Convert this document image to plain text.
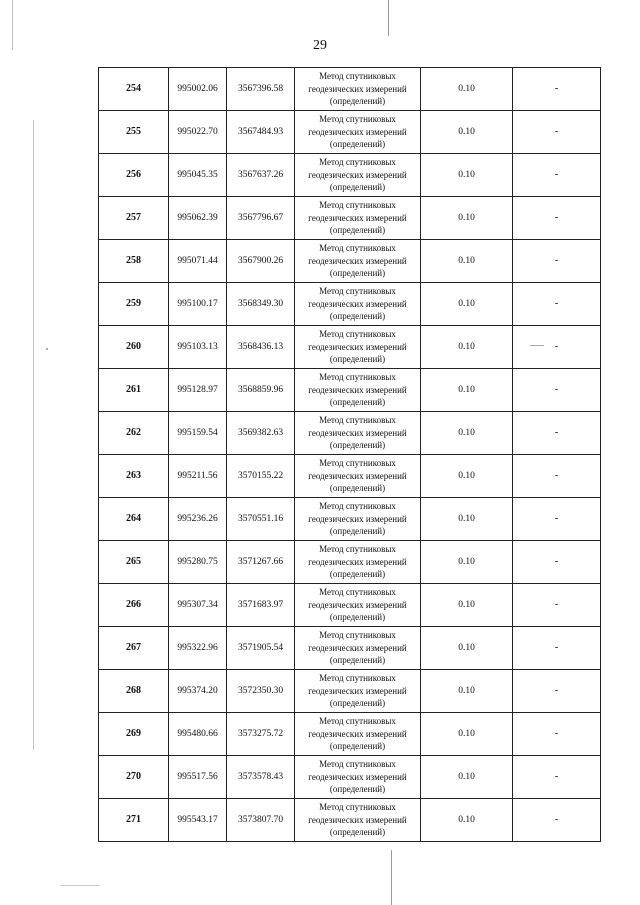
29
254	995002.06	3567396.58	Метод спутниковых
геодезических измерений
(определений)	0.10	-
255	995022.70	3567484.93	Метод спутниковых
геодезических измерений
(определений)	0.10	-
256	995045.35	3567637.26	Метод спутниковых
геодезических измерений
(определений)	0.10	-
257	995062.39	3567796.67	Метод спутниковых
геодезических измерений
(определений)	0.10	-
258	995071.44	3567900.26	Метод спутниковых
геодезических измерений
(определений)	0.10	-
259	995100.17	3568349.30	Метод спутниковых
геодезических измерений
(определений)	0.10	-
260	995103.13	3568436.13	Метод спутниковых
геодезических измерений
(определений)	0.10	-
261	995128.97	3568859.96	Метод спутниковых
геодезических измерений
(определений)	0.10	-
262	995159.54	3569382.63	Метод спутниковых
геодезических измерений
(определений)	0.10	-
263	995211.56	3570155.22	Метод спутниковых
геодезических измерений
(определений)	0.10	-
264	995236.26	3570551.16	Метод спутниковых
геодезических измерений
(определений)	0.10	-
265	995280.75	3571267.66	Метод спутниковых
геодезических измерений
(определений)	0.10	-
266	995307.34	3571683.97	Метод спутниковых
геодезических измерений
(определений)	0.10	-
267	995322.96	3571905.54	Метод спутниковых
геодезических измерений
(определений)	0.10	-
268	995374.20	3572350.30	Метод спутниковых
геодезических измерений
(определений)	0.10	-
269	995480.66	3573275.72	Метод спутниковых
геодезических измерений
(определений)	0.10	-
270	995517.56	3573578.43	Метод спутниковых
геодезических измерений
(определений)	0.10	-
271	995543.17	3573807.70	Метод спутниковых
геодезических измерений
(определений)	0.10	-
